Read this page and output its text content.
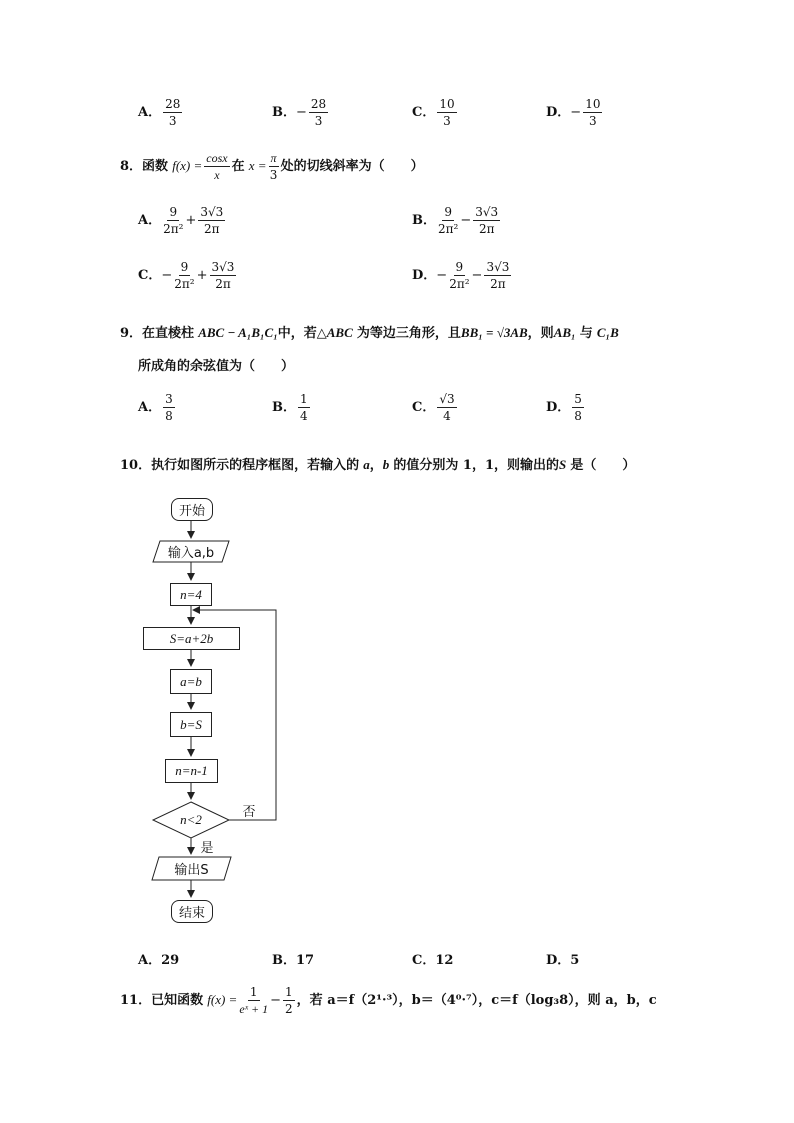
A． $\frac{28}{3}$	B．− $\frac{28}{3}$	C． $\frac{10}{3}$	D．− $\frac{10}{3}$
8．函数 $f(x) = \frac{\cos x}{x}$ 在 $x = \frac{\pi}{3}$ 处的切线斜率为（　　）
A． $\frac{9}{\text{2π²}} + \frac{3√3}{2\pi}$	B． $\frac{9}{\text{2π²}} - \frac{3√3}{2\pi}$
C．− $\frac{9}{\text{2π²}} + \frac{3√3}{2\pi}$	D．− $\frac{9}{\text{2π²}} - \frac{3√3}{2\pi}$
9．在直棱柱 ABC − A₁B₁C₁中，若△ABC 为等边三角形，且BB₁ = √3AB，则AB₁ 与 C₁B
所成角的余弦值为（　　）
A． $\frac{3}{8}$	B． $\frac{1}{4}$	C． $\frac{√3}{4}$	D． $\frac{5}{8}$
10．执行如图所示的程序框图，若输入的 a，b 的值分别为 1，1，则输出的S 是（　　）
开始
输入a,b
n=4
S=a+2b
a=b
b=S
n=n-1
n<2	否
是
输出S
结束
A．29	B．17	C．12	D．5
11．已知函数 $f(x) = \frac{1}{\text{eˣ + 1}} - \frac{1}{2}$ ，若 a＝f（2¹·³），b＝（4⁰·⁷），c＝f（log₃8），则 a，b，c
